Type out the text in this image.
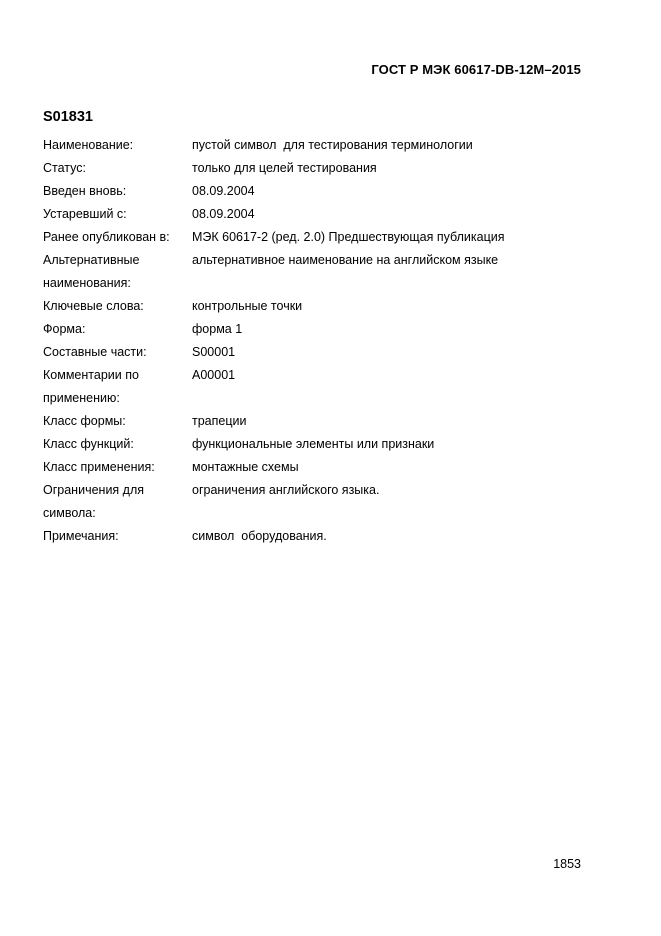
ГОСТ Р МЭК 60617-DB-12M–2015
S01831
Наименование:	пустой символ  для тестирования терминологии
Статус:	только для целей тестирования
Введен вновь:	08.09.2004
Устаревший с:	08.09.2004
Ранее опубликован в:	МЭК 60617-2 (ред. 2.0) Предшествующая публикация
Альтернативные	альтернативное наименование на английском языке
наименования:
Ключевые слова:	контрольные точки
Форма:	форма 1
Составные части:	S00001
Комментарии по	A00001
применению:
Класс формы:	трапеции
Класс функций:	функциональные элементы или признаки
Класс применения:	монтажные схемы
Ограничения для	ограничения английского языка.
символа:
Примечания:	символ  оборудования.
1853
